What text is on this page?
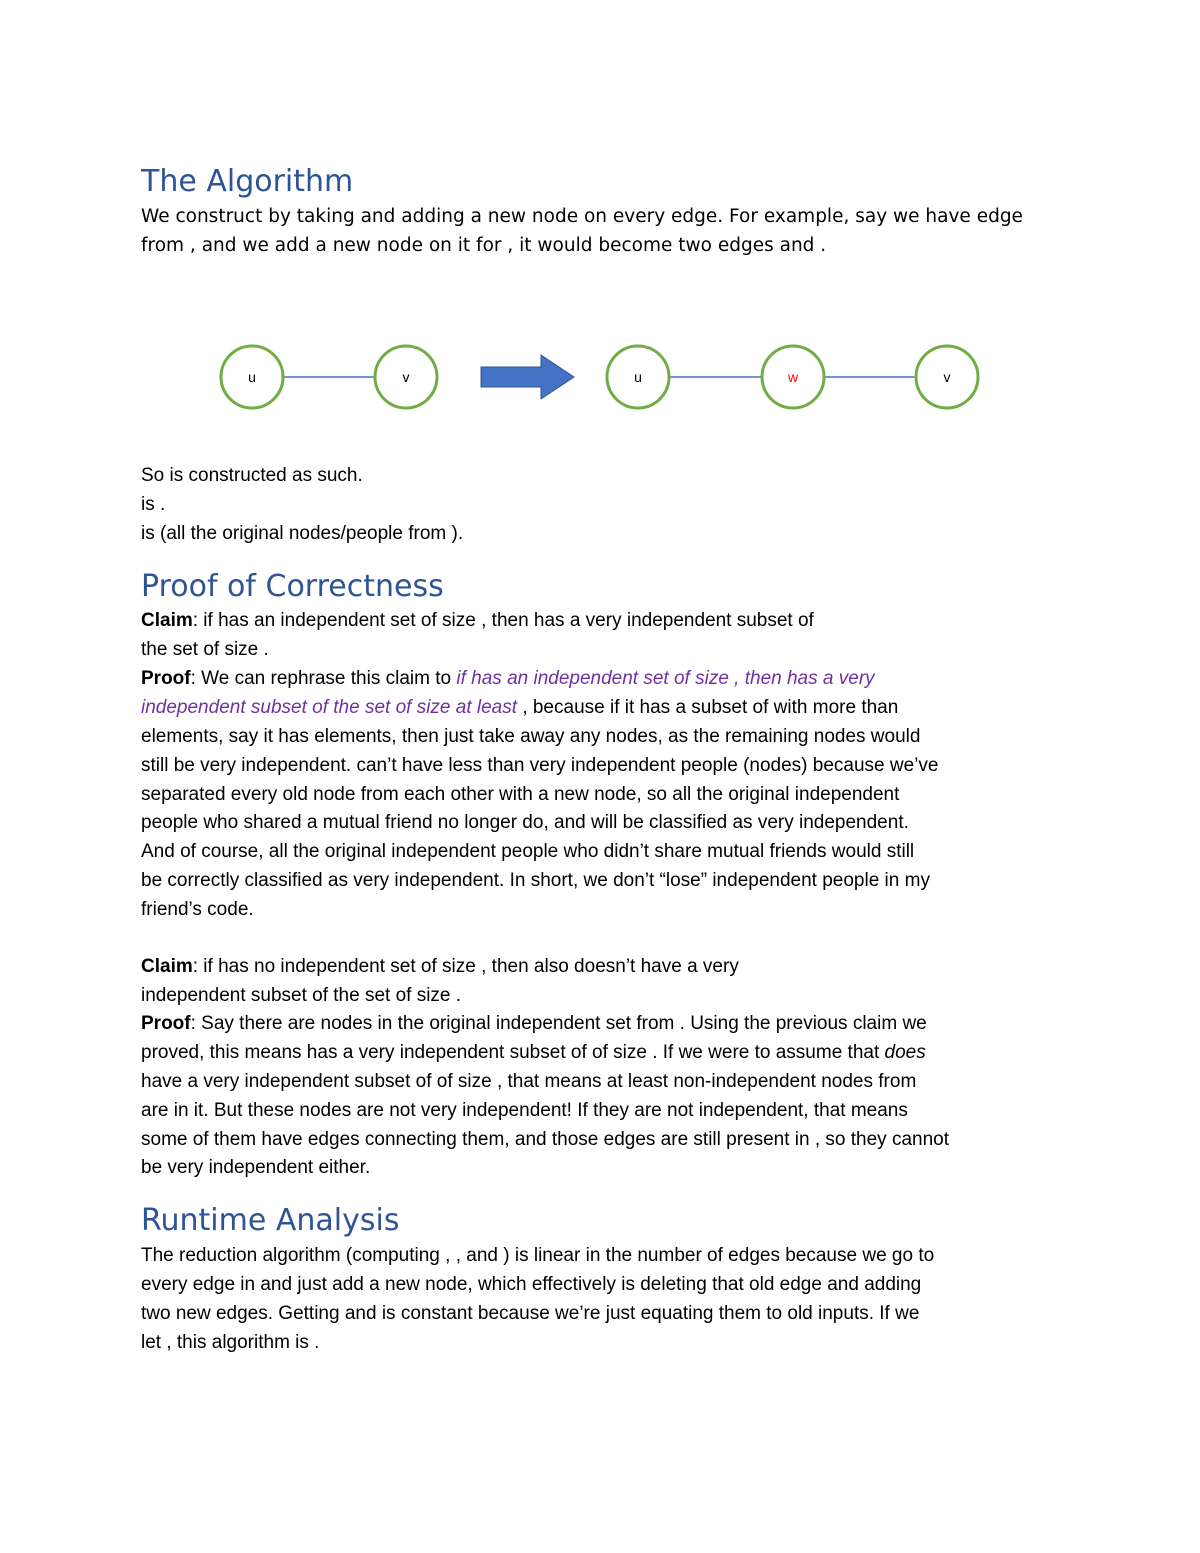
u	v	u	w	v
The Algorithm
We construct by taking and adding a new node on every edge. For example, say we have edge
from , and we add a new node on it for , it would become two edges and .
So is constructed as such.
is .
is (all the original nodes/people from ).
Proof of Correctness
Claim: if has an independent set of size , then has a very independent subset of
the set of size .
Proof: We can rephrase this claim to if has an independent set of size , then has a very
independent subset of the set of size at least , because if it has a subset of with more than
elements, say it has elements, then just take away any nodes, as the remaining nodes would
still be very independent. can’t have less than very independent people (nodes) because we’ve
separated every old node from each other with a new node, so all the original independent
people who shared a mutual friend no longer do, and will be classified as very independent.
And of course, all the original independent people who didn’t share mutual friends would still
be correctly classified as very independent. In short, we don’t “lose” independent people in my
friend’s code.
Claim: if has no independent set of size , then also doesn’t have a very
independent subset of the set of size .
Proof: Say there are nodes in the original independent set from . Using the previous claim we
proved, this means has a very independent subset of of size . If we were to assume that does
have a very independent subset of of size , that means at least non-independent nodes from
are in it. But these nodes are not very independent! If they are not independent, that means
some of them have edges connecting them, and those edges are still present in , so they cannot
be very independent either.
Runtime Analysis
The reduction algorithm (computing , , and ) is linear in the number of edges because we go to
every edge in and just add a new node, which effectively is deleting that old edge and adding
two new edges. Getting and is constant because we’re just equating them to old inputs. If we
let , this algorithm is .
